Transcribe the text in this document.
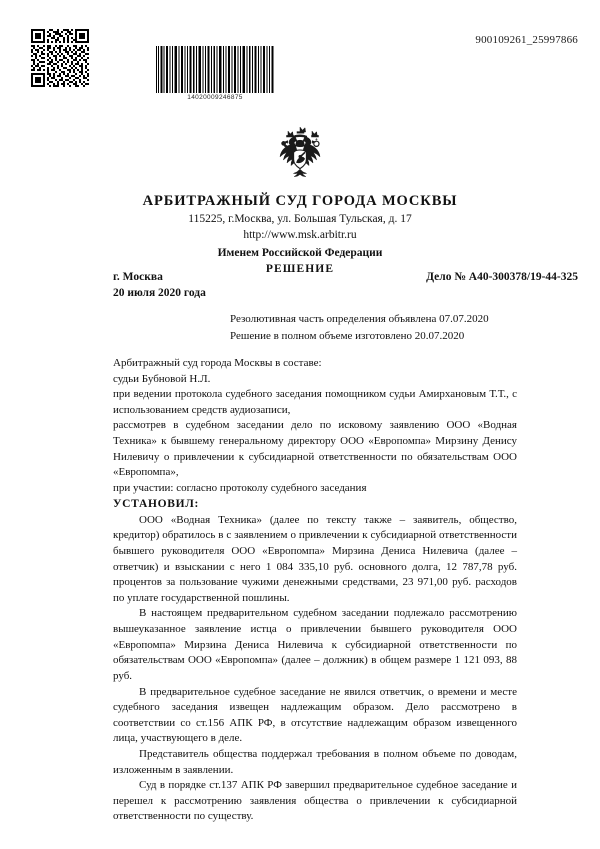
14020009246875
900109261_25997866
АРБИТРАЖНЫЙ СУД ГОРОДА МОСКВЫ
115225, г.Москва, ул. Большая Тульская, д. 17
http://www.msk.arbitr.ru
Именем Российской Федерации
РЕШЕНИЕ
г. Москва	Дело № А40-300378/19-44-325
20 июля 2020 года
Резолютивная часть определения объявлена 07.07.2020
Решение в полном объеме изготовлено 20.07.2020

Арбитражный суд города Москвы в составе:

судьи Бубновой Н.Л.

при ведении протокола судебного заседания помощником судьи Амирхановым Т.Т., с использованием средств аудиозаписи,

рассмотрев в судебном заседании дело по исковому заявлению ООО «Водная Техника» к бывшему генеральному директору ООО «Европомпа» Мирзину Денису Нилевичу о привлечении к субсидиарной ответственности по обязательствам ООО «Европомпа»,

при участии: согласно протоколу судебного заседания

УСТАНОВИЛ:

ООО «Водная Техника» (далее по тексту также – заявитель, общество, кредитор) обратилось в с заявлением о привлечении к субсидиарной ответственности бывшего руководителя ООО «Европомпа» Мирзина Дениса Нилевича (далее – ответчик) и взыскании с него 1 084 335,10 руб. основного долга, 12 787,78 руб. процентов за пользование чужими денежными средствами, 23 971,00 руб. расходов по уплате государственной пошлины.

В настоящем предварительном судебном заседании подлежало рассмотрению вышеуказанное заявление истца о привлечении бывшего руководителя ООО «Европомпа» Мирзина Дениса Нилевича к субсидиарной ответственности по обязательствам ООО «Европомпа» (далее – должник) в общем размере 1 121 093, 88 руб.

В предварительное судебное заседание не явился ответчик, о времени и месте судебного заседания извещен надлежащим образом. Дело рассмотрено в соответствии со ст.156 АПК РФ, в отсутствие надлежащим образом извещенного лица, участвующего в деле.

Представитель общества поддержал требования в полном объеме по доводам, изложенным в заявлении.

Суд в порядке ст.137 АПК РФ завершил предварительное судебное заседание и перешел к рассмотрению заявления общества о привлечении к субсидиарной ответственности по существу.
